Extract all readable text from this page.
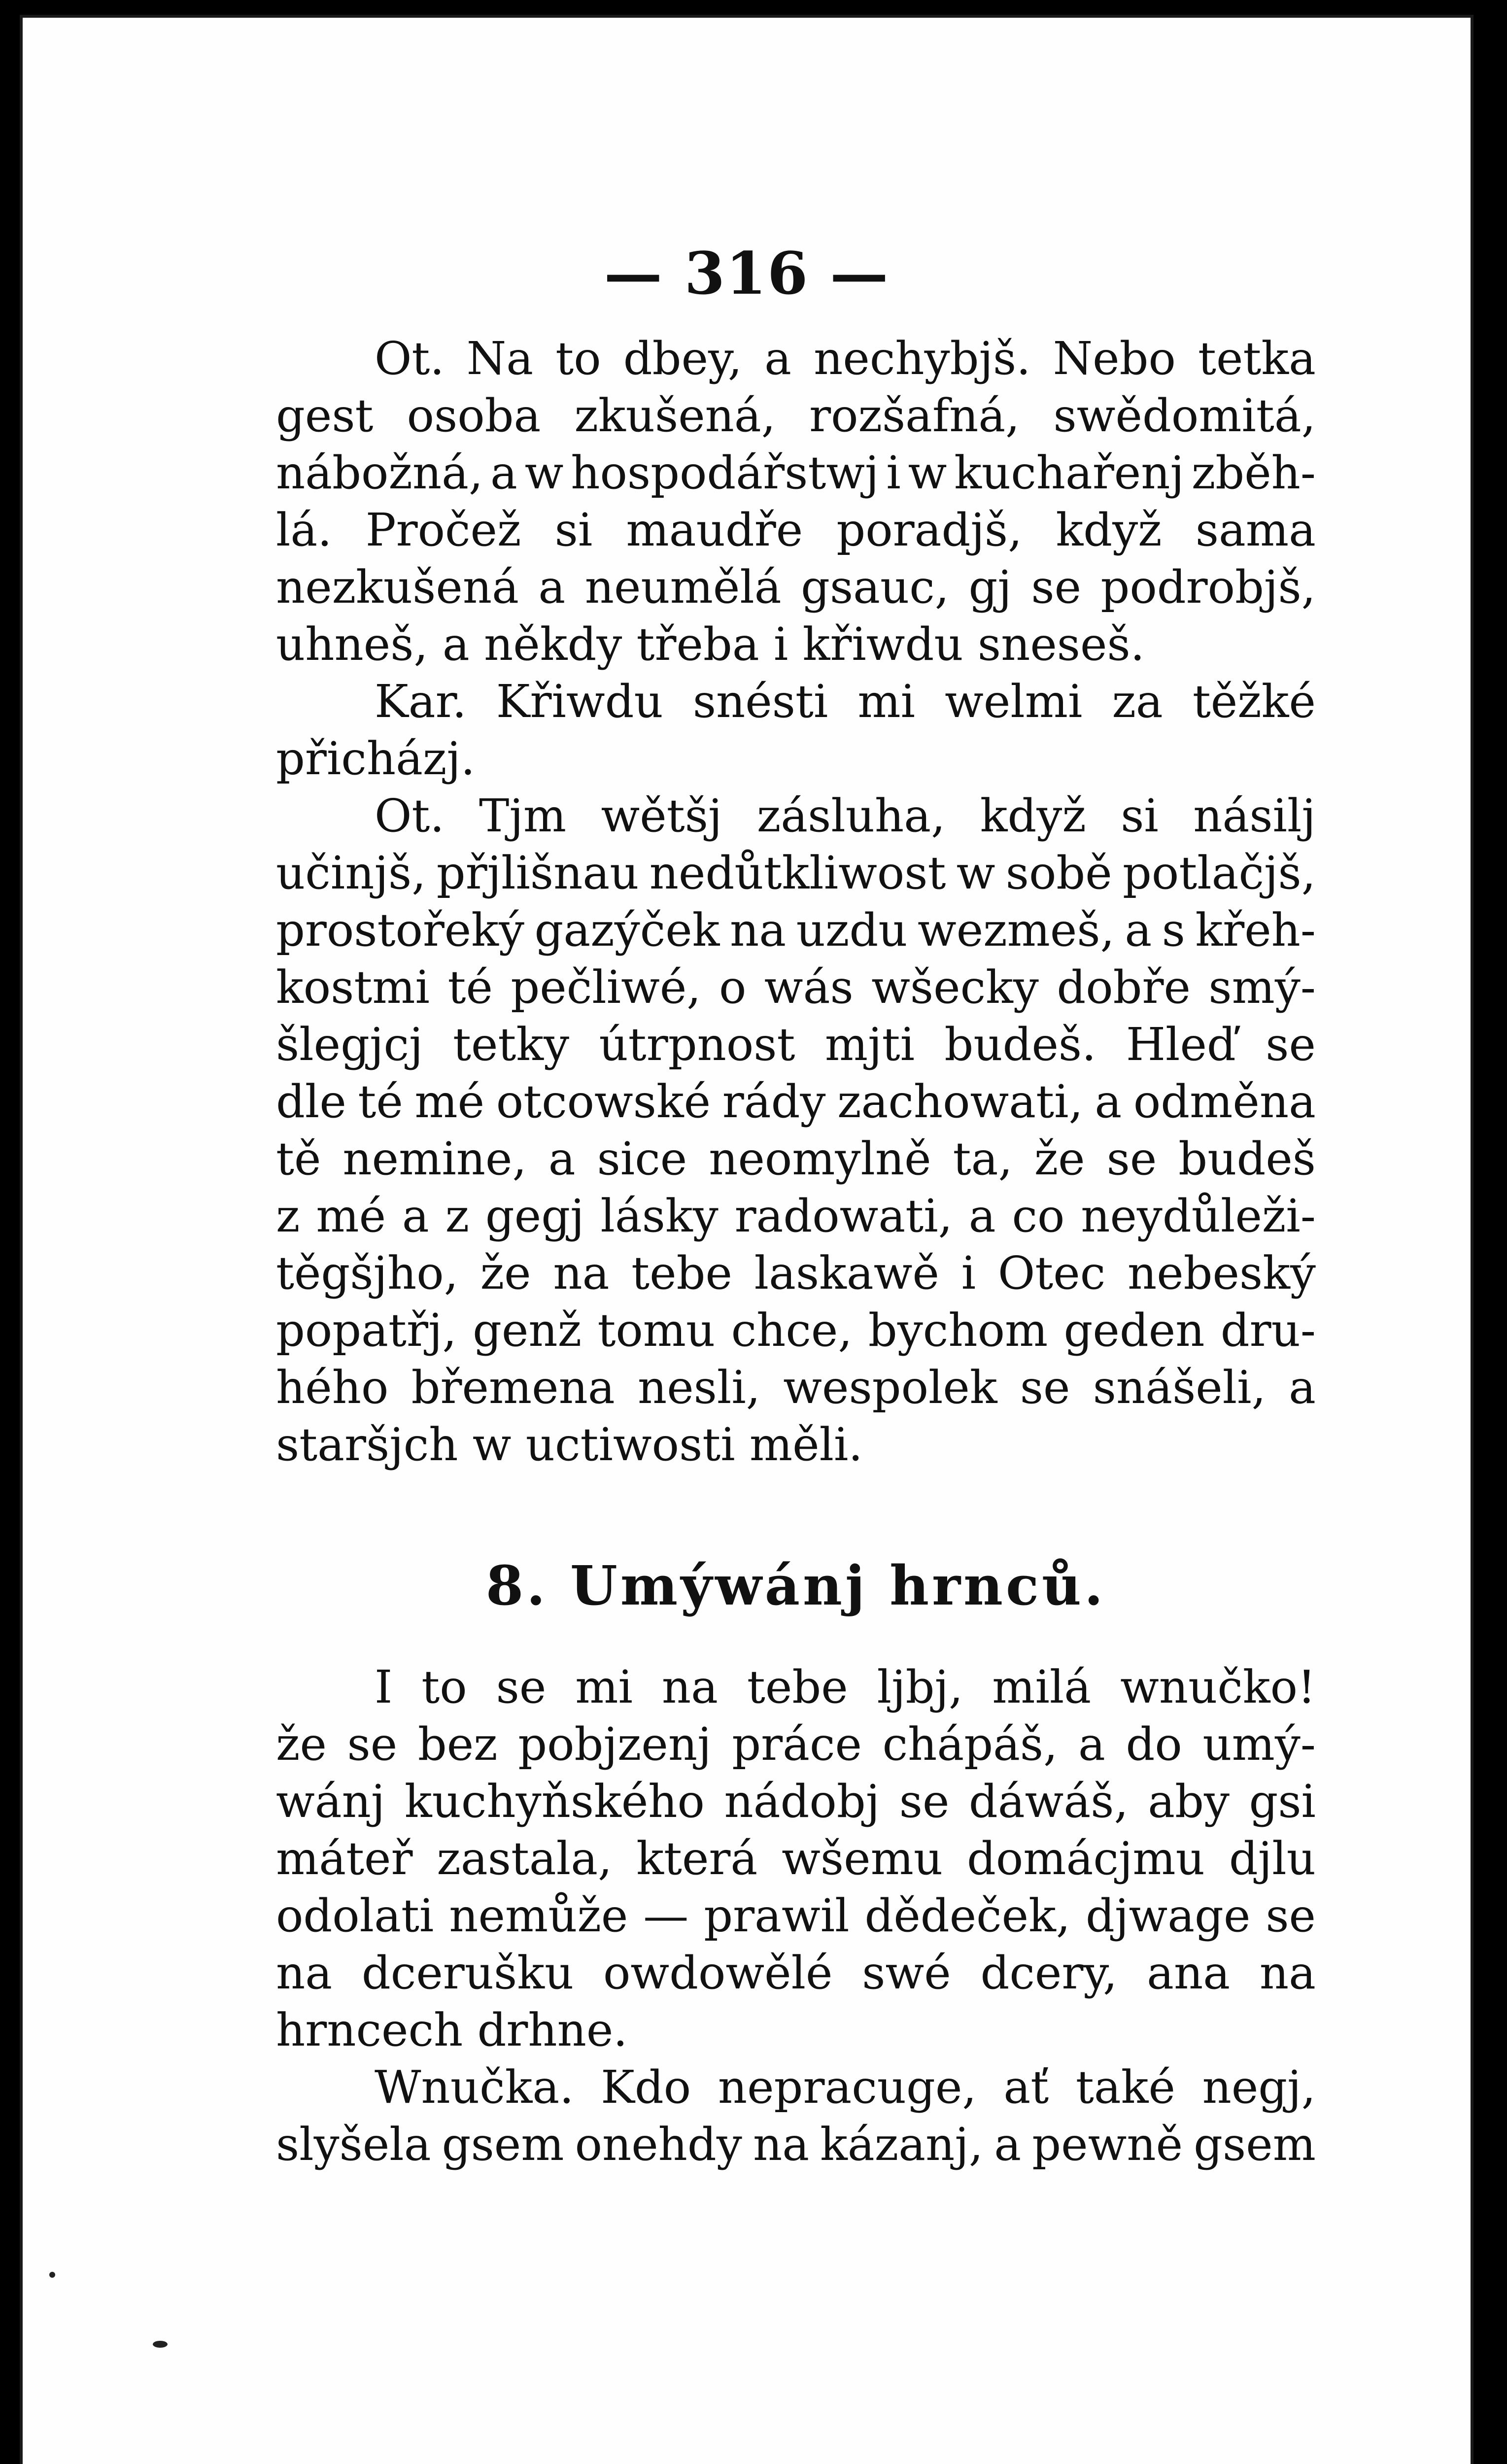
— 316 —
Ot. Na to dbey, a nechybjš. Nebo tetka
gest osoba zkušená, rozšafná, swědomitá,
nábožná, a w hospodářstwj i w kuchařenj zběh-
lá. Pročež si maudře poradjš, když sama
nezkušená a neumělá gsauc, gj se podrobjš,
uhneš, a někdy třeba i křiwdu sneseš.
Kar. Křiwdu snésti mi welmi za těžké
přicházj.
Ot. Tjm wětšj zásluha, když si násilj
učinjš, přjlišnau nedůtkliwost w sobě potlačjš,
prostořeký gazýček na uzdu wezmeš, a s křeh-
kostmi té pečliwé, o wás wšecky dobře smý-
šlegjcj tetky útrpnost mjti budeš. Hleď se
dle té mé otcowské rády zachowati, a odměna
tě nemine, a sice neomylně ta, že se budeš
z mé a z gegj lásky radowati, a co neydůleži-
těgšjho, že na tebe laskawě i Otec nebeský
popatřj, genž tomu chce, bychom geden dru-
hého břemena nesli, wespolek se snášeli, a
staršjch w uctiwosti měli.
8. Umýwánj hrnců.
I to se mi na tebe ljbj, milá wnučko!
že se bez pobjzenj práce chápáš, a do umý-
wánj kuchyňského nádobj se dáwáš, aby gsi
máteř zastala, která wšemu domácjmu djlu
odolati nemůže — prawil dědeček, djwage se
na dcerušku owdowělé swé dcery, ana na
hrncech drhne.
Wnučka. Kdo nepracuge, ať také negj,
slyšela gsem onehdy na kázanj, a pewně gsem
